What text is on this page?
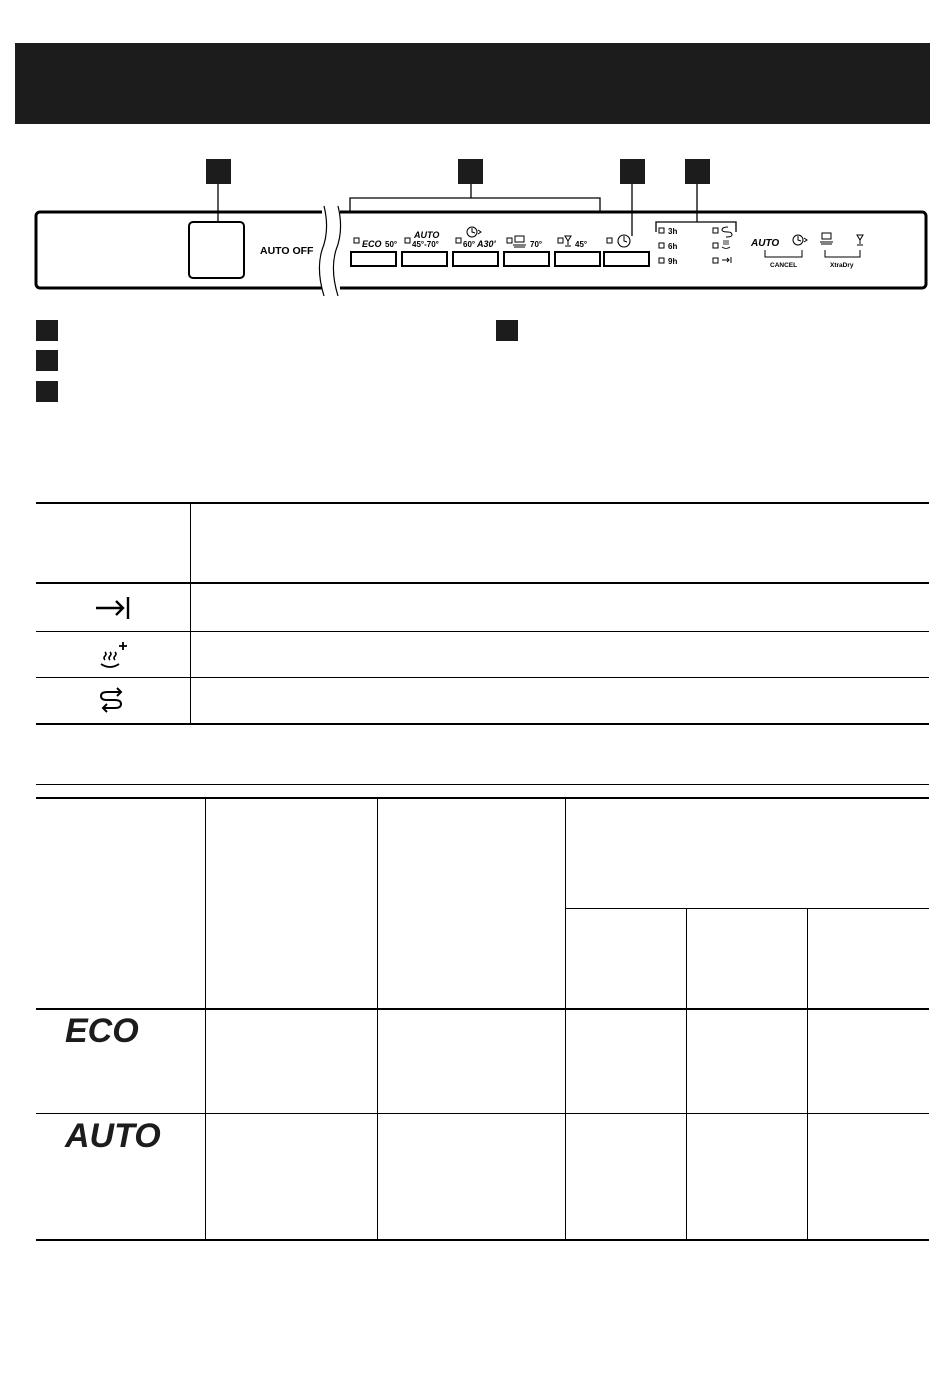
AUTO OFF
ECO 50°
AUTO
45°-70°	60° A30'	70°	45°
3h
6h
9h
AUTO
CANCEL	XtraDry
ECO
AUTO
